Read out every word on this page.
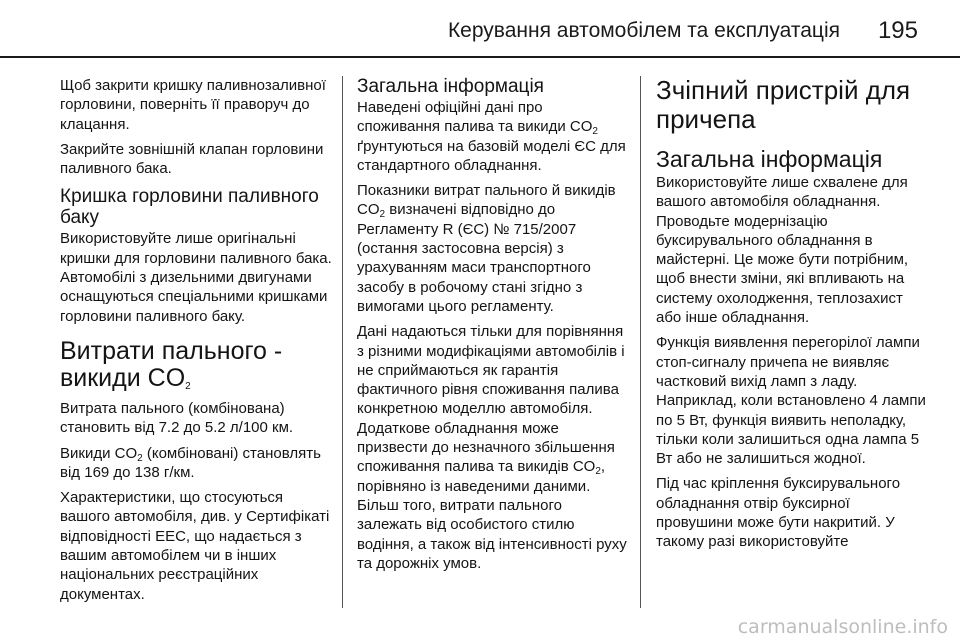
Керування автомобілем та експлуатація 195

Щоб закрити кришку паливнозаливної горловини, поверніть її праворуч до клацання.

Закрийте зовнішній клапан горловини паливного бака.

Кришка горловини паливного баку

Використовуйте лише оригінальні кришки для горловини паливного бака. Автомобілі з дизельними двигунами оснащуються спеціальними кришками горловини паливного баку.

Витрати пального - викиди $CO_2$

Витрата пального (комбінована) становить від 7.2 до 5.2 л/100 км.

Викиди $CO_2$ (комбіновані) становлять від 169 до 138 г/км.

Характеристики, що стосуються вашого автомобіля, див. у Сертифікаті відповідності EEC, що надається з вашим автомобілем чи в інших національних реєстраційних документах.

Загальна інформація

Наведені офіційні дані про споживання палива та викиди $CO_2$ ґрунтуються на базовій моделі ЄС для стандартного обладнання.

Показники витрат пального й викидів $CO_2$ визначені відповідно до Регламенту R (ЄС) № 715/2007 (остання застосовна версія) з урахуванням маси транспортного засобу в робочому стані згідно з вимогами цього регламенту.

Дані надаються тільки для порівняння з різними модифікаціями автомобілів і не сприймаються як гарантія фактичного рівня споживання палива конкретною моделлю автомобіля. Додаткове обладнання може призвести до незначного збільшення споживання палива та викидів $CO_2$, порівняно із наведеними даними. Більш того, витрати пального залежать від особистого стилю водіння, а також від інтенсивності руху та дорожніх умов.

Зчіпний пристрій для причепа
Загальна інформація

Використовуйте лише схвалене для вашого автомобіля обладнання. Проводьте модернізацію буксирувального обладнання в майстерні. Це може бути потрібним, щоб внести зміни, які впливають на систему охолодження, теплозахист або інше обладнання.

Функція виявлення перегорілої лампи стоп-сигналу причепа не виявляє частковий вихід ламп з ладу. Наприклад, коли встановлено 4 лампи по 5 Вт, функція виявить неполадку, тільки коли залишиться одна лампа 5 Вт або не залишиться жодної.

Під час кріплення буксирувального обладнання отвір буксирної провушини може бути накритий. У такому разі використовуйте

carmanualsonline.info
